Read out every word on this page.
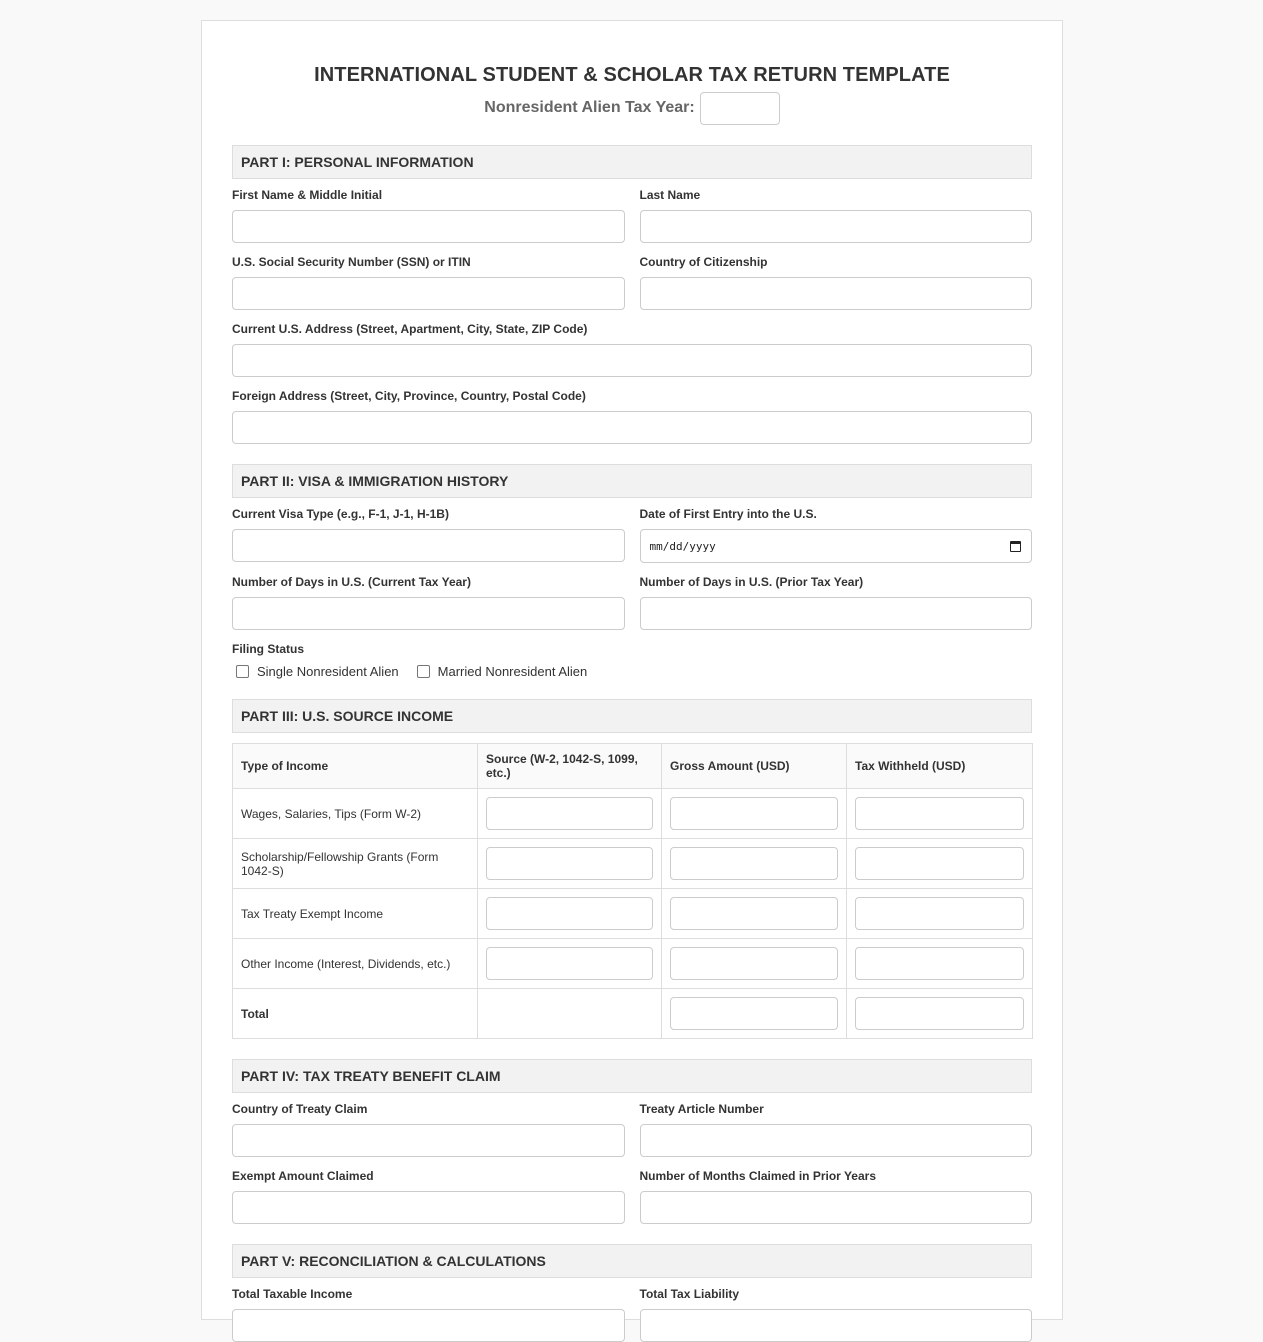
INTERNATIONAL STUDENT & SCHOLAR TAX RETURN TEMPLATE
Nonresident Alien Tax Year:
PART I: PERSONAL INFORMATION
First Name & Middle Initial	Last Name
U.S. Social Security Number (SSN) or ITIN	Country of Citizenship
Current U.S. Address (Street, Apartment, City, State, ZIP Code)
Foreign Address (Street, City, Province, Country, Postal Code)
PART II: VISA & IMMIGRATION HISTORY
Current Visa Type (e.g., F-1, J-1, H-1B)	Date of First Entry into the U.S.
mm/dd/yyyy
Number of Days in U.S. (Current Tax Year)	Number of Days in U.S. (Prior Tax Year)
Filing Status
Single Nonresident Alien	Married Nonresident Alien
PART III: U.S. SOURCE INCOME
Type of Income	Source (W-2, 1042-S, 1099, etc.)	Gross Amount (USD)	Tax Withheld (USD)
Wages, Salaries, Tips (Form W-2)	

Scholarship/Fellowship Grants (Form 1042-S)	

Tax Treaty Exempt Income	

Other Income (Interest, Dividends, etc.)	

Total		

PART IV: TAX TREATY BENEFIT CLAIM
Country of Treaty Claim	Treaty Article Number
Exempt Amount Claimed	Number of Months Claimed in Prior Years
PART V: RECONCILIATION & CALCULATIONS
Total Taxable Income	Total Tax Liability
